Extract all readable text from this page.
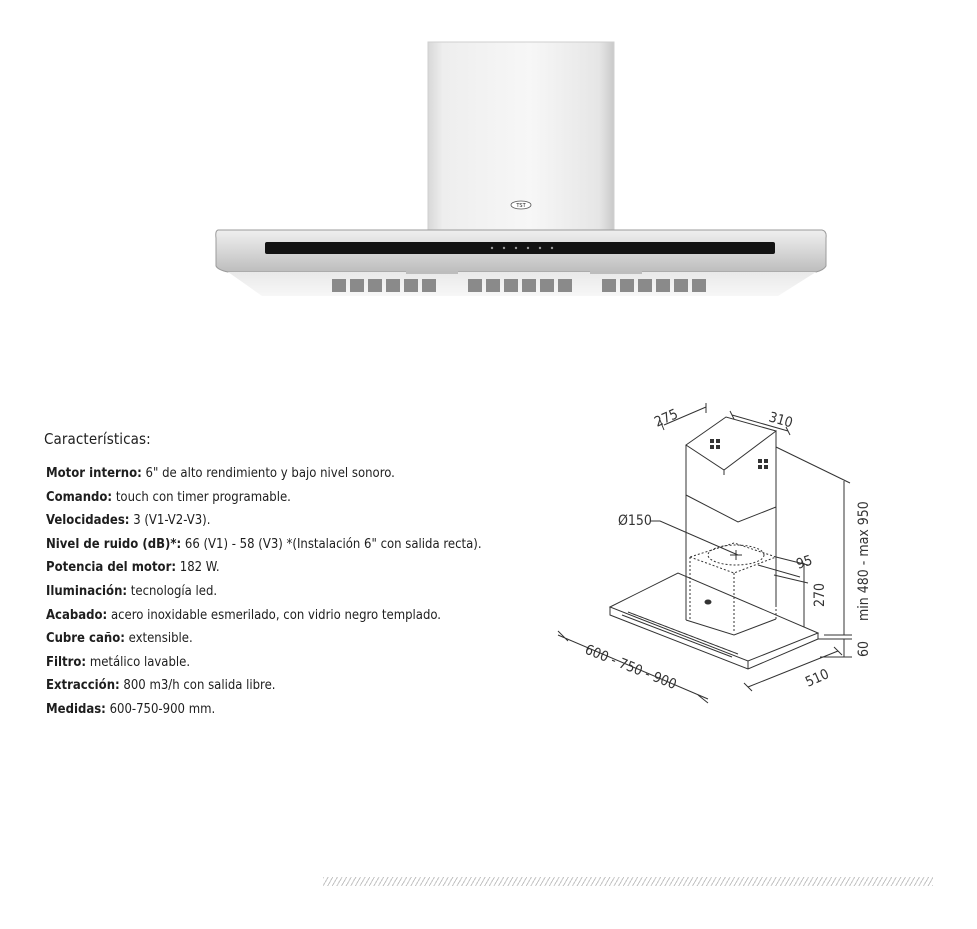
TST
Características:

Motor interno: 6" de alto rendimiento y bajo nivel sonoro.

Comando: touch con timer programable.

Velocidades: 3 (V1-V2-V3).

Nivel de ruido (dB)*: 66 (V1) - 58 (V3) *(Instalación 6" con salida recta).

Potencia del motor: 182 W.

Iluminación: tecnología led.

Acabado: acero inoxidable esmerilado, con vidrio negro templado.

Cubre caño: extensible.

Filtro: metálico lavable.

Extracción: 800 m3/h con salida libre.

Medidas: 600-750-900 mm.

275	310
Ø150
95
270 min 480 - max 950
60
600 - 750 - 900	510
